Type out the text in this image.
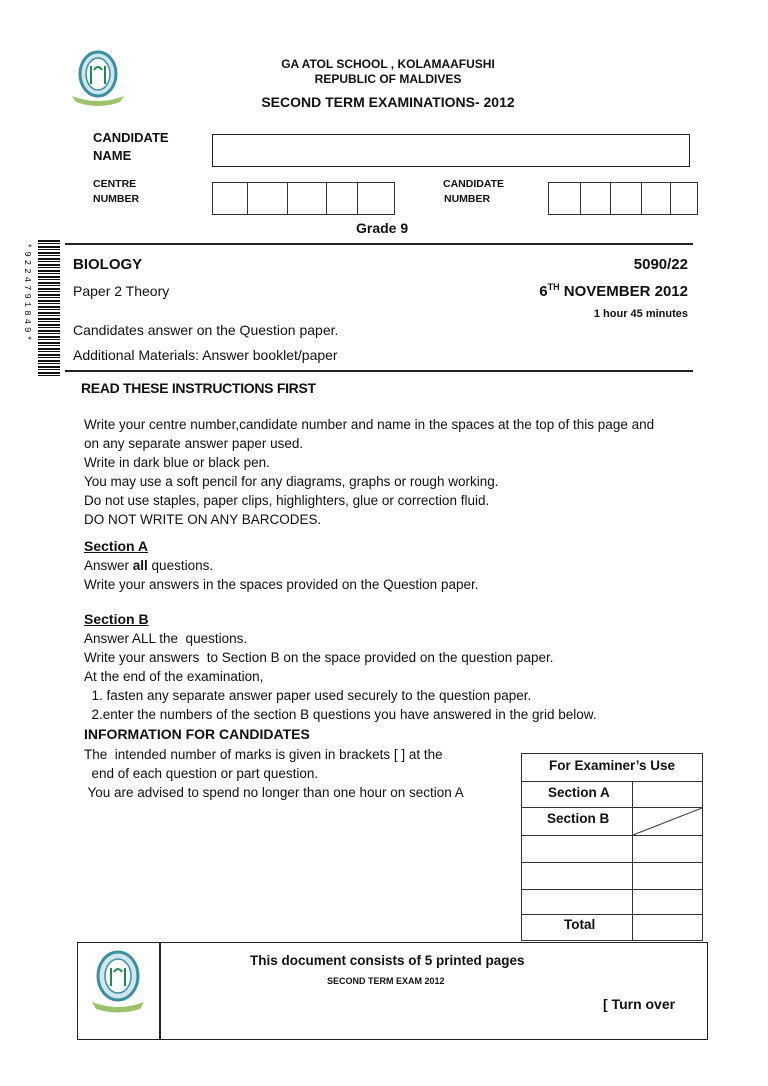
GA ATOL SCHOOL , KOLAMAAFUSHI
REPUBLIC OF MALDIVES
SECOND TERM EXAMINATIONS- 2012
CANDIDATE
NAME
CENTRE
NUMBER
CANDIDATE
NUMBER
Grade 9
*9224791849*	BIOLOGY	5090/22
Paper 2 Theory	6TH NOVEMBER 2012
1 hour 45 minutes
Candidates answer on the Question paper.
Additional Materials: Answer booklet/paper
READ THESE INSTRUCTIONS FIRST
Write your centre number,candidate number and name in the spaces at the top of this page and
on any separate answer paper used.
Write in dark blue or black pen.
You may use a soft pencil for any diagrams, graphs or rough working.
Do not use staples, paper clips, highlighters, glue or correction fluid.
DO NOT WRITE ON ANY BARCODES.
Section A
Answer all questions.
Write your answers in the spaces provided on the Question paper.
Section B
Answer ALL the  questions.
Write your answers  to Section B on the space provided on the question paper.
At the end of the examination,
1. fasten any separate answer paper used securely to the question paper.
2.enter the numbers of the section B questions you have answered in the grid below.
INFORMATION FOR CANDIDATES
The  intended number of marks is given in brackets [ ] at the
end of each question or part question.
You are advised to spend no longer than one hour on section A
For Examiner’s Use
Section A
Section B
Total
This document consists of 5 printed pages
SECOND TERM EXAM 2012
[ Turn over
